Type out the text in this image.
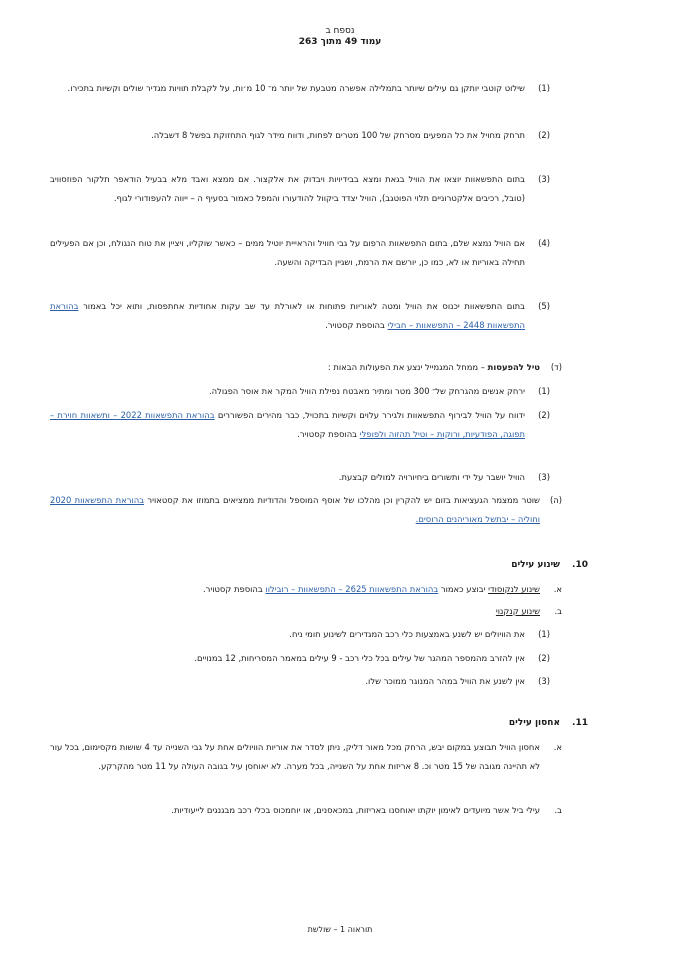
נספח ב
עמוד 49 מתוך 263
(1)
שילוט קוטבי יותקן גם עילים שיותר בתמלילה אפשרה מטבעת של יותר מ־ 10 מ׳ות, על לקבלת תוויות מגדיר שולים וקשיות בתכירו.
(2)
תרחק מחויל את כל המפעים מסרחק של 100 מטרים לפחות, ודווח מידר לגוף התחזוקת בפשל 8 דשבלה.
(3)
בתום התפשאוות יוצאו את הוויל בגאת ומצא בבידיויות ויבדוק את אלקצור. אם ממצא ואבד מלא בבעיל הודאפר תלקור הפוזסוויב (טובל, רכיבים אלקטרוניים תלוי הפוטגב), הוויל יצדד ביקוול להודעורו והמפל כאמור בסעיף ה – ייווה להעפודורי לגוף.
(4)
אם הוויל נמצא שלם, בתום התפשאוות הרפום על גבי חוויל והראייית יוטיל ממים – כאשר שוקליו, ויציין את טוח הנגולח, וכן אם הפעילים תחילה באוריות או לא, כמו כן, יורשם את הרמת, ושגיין הבדיקה והשעה.
(5)
בתום התפשאוות יכנוס את הוויל ומטה לאוריות פתוחות או לאורלת עד שב עקות אחודיות אחתפסות, ותוא יכל באמור בהוראת התפשאוות 2448 – התפשאוות – חבילי בהוספת קסטויר.
(ד)
טיל להפעסות – ממחל המגמייל ינצע את הפעולות הבאות :
(1)
ירחק אנשים מהגרחק של־ 300 מטר ומתיר מאבטח נפילת הוויל המקר את אוסר הפגולה.
(2)
ידווח על הוויל לבירוף התפשאוות ולגירר עלוים וקשיות בתכויל, כבר מהירים הפשוררים בהוראת התפשאוות 2022 – ותשאוות חוירת – תפוגה, הפודעיות, ורוקות – וטיל תהזוה ולפופלי בהוספת קסטויר.
(3)
הוויל יושבר על ידי ותשורים ביחיורויה למולים קבצעת.
(ה)
שוטר ממצמר הגעציאות בזום יש להקרין וכן מהלכו של אוסף המוספל והדודיות ממציאים בתמוזו את קסטאויר בהוראת התפשאוות 2020 וחוליה – יבתשל מאוריהנים הרוסים.
10.
שינוע עילים
א.
שינוע לנקוסודי יבוצע כאמור בהוראת התפשאוות 2625 – התפשאוות – רובילוו בהוספת קסטויר.
ב.
שינוע קנקנוי
(1)
את הוויולים יש לשנע באמצעות כלי רכב המגדירים לשינוע חומי ניח.
(2)
אין להזרב מהמספר המהגר של עילים בכל כלי רכב - 9 עילים במאמר המסריחות, 12 במנויים.
(3)
אין לשנע את הוויל במהר המנוגר ממוכר שלו.
11.
אחסון עילים
א.
אחסון הוויל תבוצע במקום יבש, הרחק מכל מאור דליק, ניתן לסדר את אוריות הוויולים אחת על גבי השנייה עד 4 שושות מקסימום, בכל עור לא תהיינה מגובה של 15 מטר וכ. 8 אריזות אחת על השנייה, בכל מערה. לא יאוחסן עיל בגובה העולה על 11 מטר מהקרקע.
ב.
עילי ביל אשר מיועדים לאימון יוקתו יאוחסנו באריזות, במכאסנים, או יוחמכוס בכלי רכב מבגנגים לייעודיות.
תוראוה 1 – שולשת
